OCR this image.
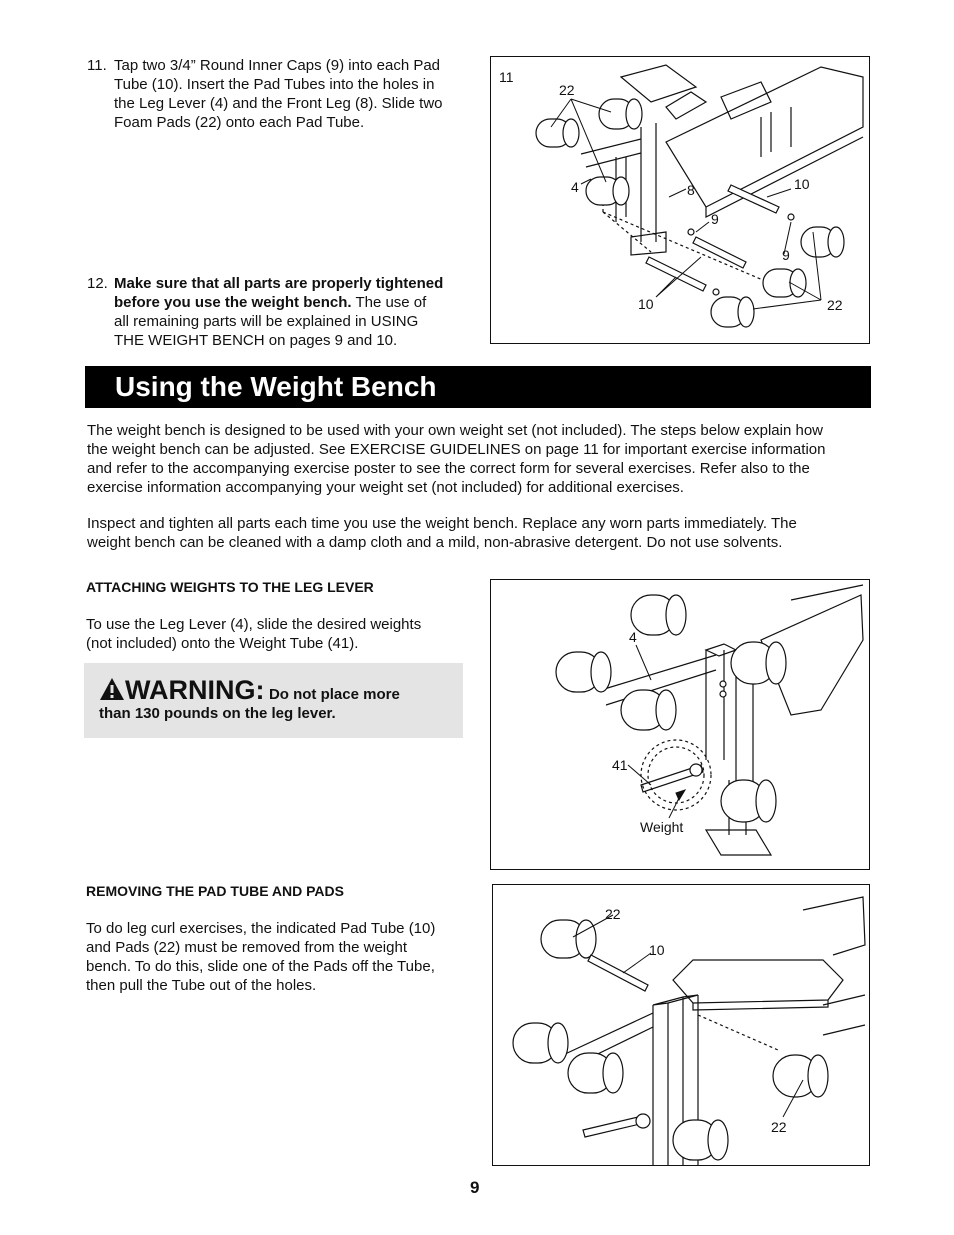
11. Tap two 3/4” Round Inner Caps (9) into each Pad
Tube (10). Insert the Pad Tubes into the holes in
the Leg Lever (4) and the Front Leg (8). Slide two
Foam Pads (22) onto each Pad Tube.
12. Make sure that all parts are properly tightened
before you use the weight bench. The use of
all remaining parts will be explained in USING
THE WEIGHT BENCH on pages 9 and 10.
11
22
4	8	10
9
9
10	22
Using the Weight Bench
The weight bench is designed to be used with your own weight set (not included). The steps below explain how
the weight bench can be adjusted. See EXERCISE GUIDELINES on page 11 for important exercise information
and refer to the accompanying exercise poster to see the correct form for several exercises. Refer also to the
exercise information accompanying your weight set (not included) for additional exercises.
Inspect and tighten all parts each time you use the weight bench. Replace any worn parts immediately. The
weight bench can be cleaned with a damp cloth and a mild, non-abrasive detergent. Do not use solvents.
ATTACHING WEIGHTS TO THE LEG LEVER
To use the Leg Lever (4), slide the desired weights
(not included) onto the Weight Tube (41).
WARNING: Do not place more
than 130 pounds on the leg lever.
4
41
Weight
REMOVING THE PAD TUBE AND PADS
To do leg curl exercises, the indicated Pad Tube (10)
and Pads (22) must be removed from the weight
bench. To do this, slide one of the Pads off the Tube,
then pull the Tube out of the holes.
22
10
22
9
